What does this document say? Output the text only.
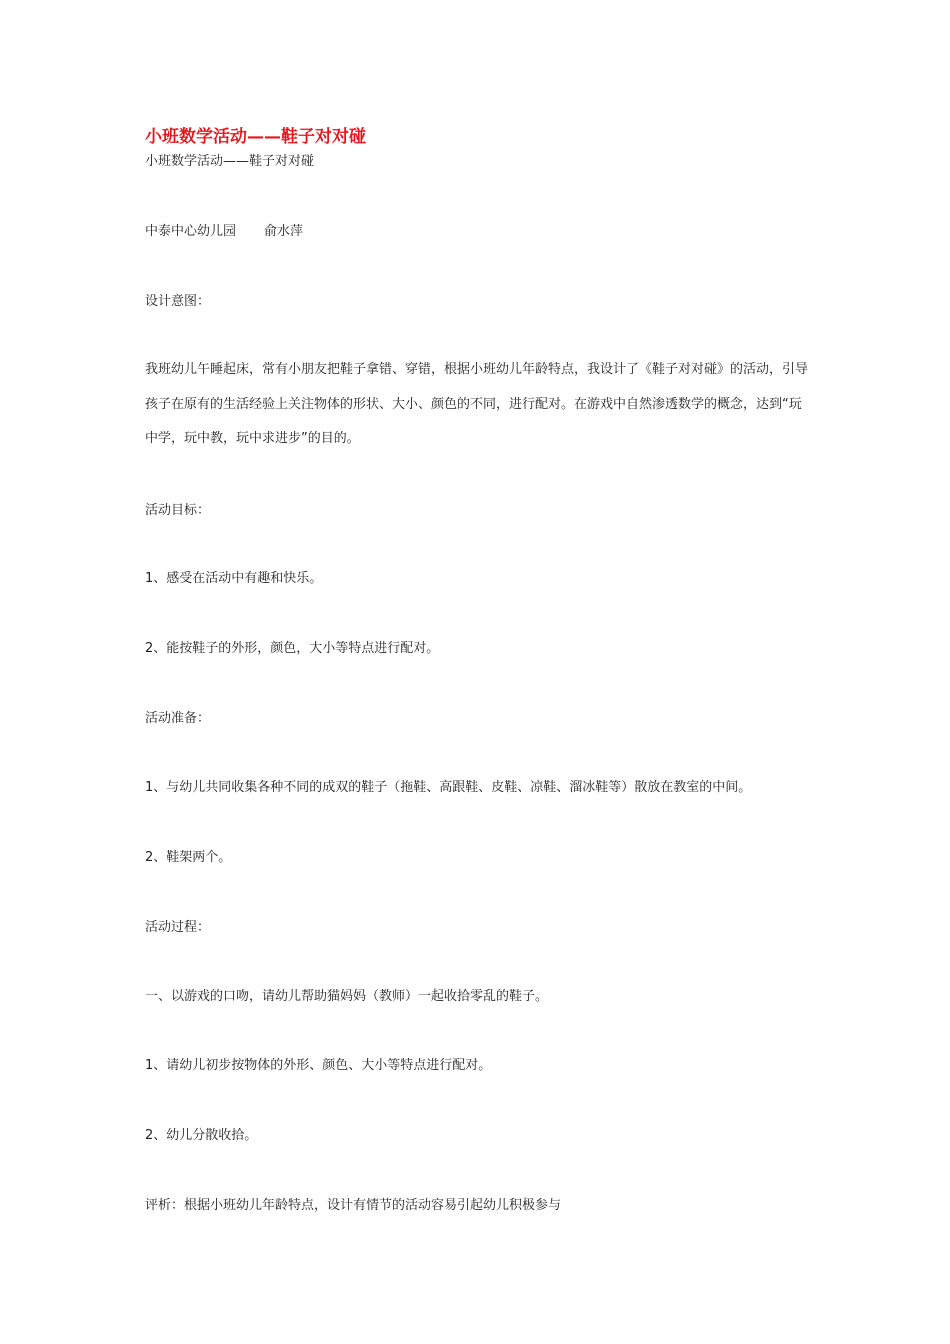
小班数学活动——鞋子对对碰
小班数学活动——鞋子对对碰
中泰中心幼儿园 俞水萍
设计意图：
我班幼儿午睡起床，常有小朋友把鞋子拿错、穿错，根据小班幼儿年龄特点，我设计了《鞋子对对碰》的活动，引导孩子在原有的生活经验上关注物体的形状、大小、颜色的不同，进行配对。在游戏中自然渗透数学的概念，达到“玩中学，玩中教，玩中求进步”的目的。
活动目标：
1、感受在活动中有趣和快乐。
2、能按鞋子的外形，颜色，大小等特点进行配对。
活动准备：
1、与幼儿共同收集各种不同的成双的鞋子（拖鞋、高跟鞋、皮鞋、凉鞋、溜冰鞋等）散放在教室的中间。
2、鞋架两个。
活动过程：
一、以游戏的口吻，请幼儿帮助猫妈妈（教师）一起收拾零乱的鞋子。
1、请幼儿初步按物体的外形、颜色、大小等特点进行配对。
2、幼儿分散收拾。
评析：根据小班幼儿年龄特点，设计有情节的活动容易引起幼儿积极参与
